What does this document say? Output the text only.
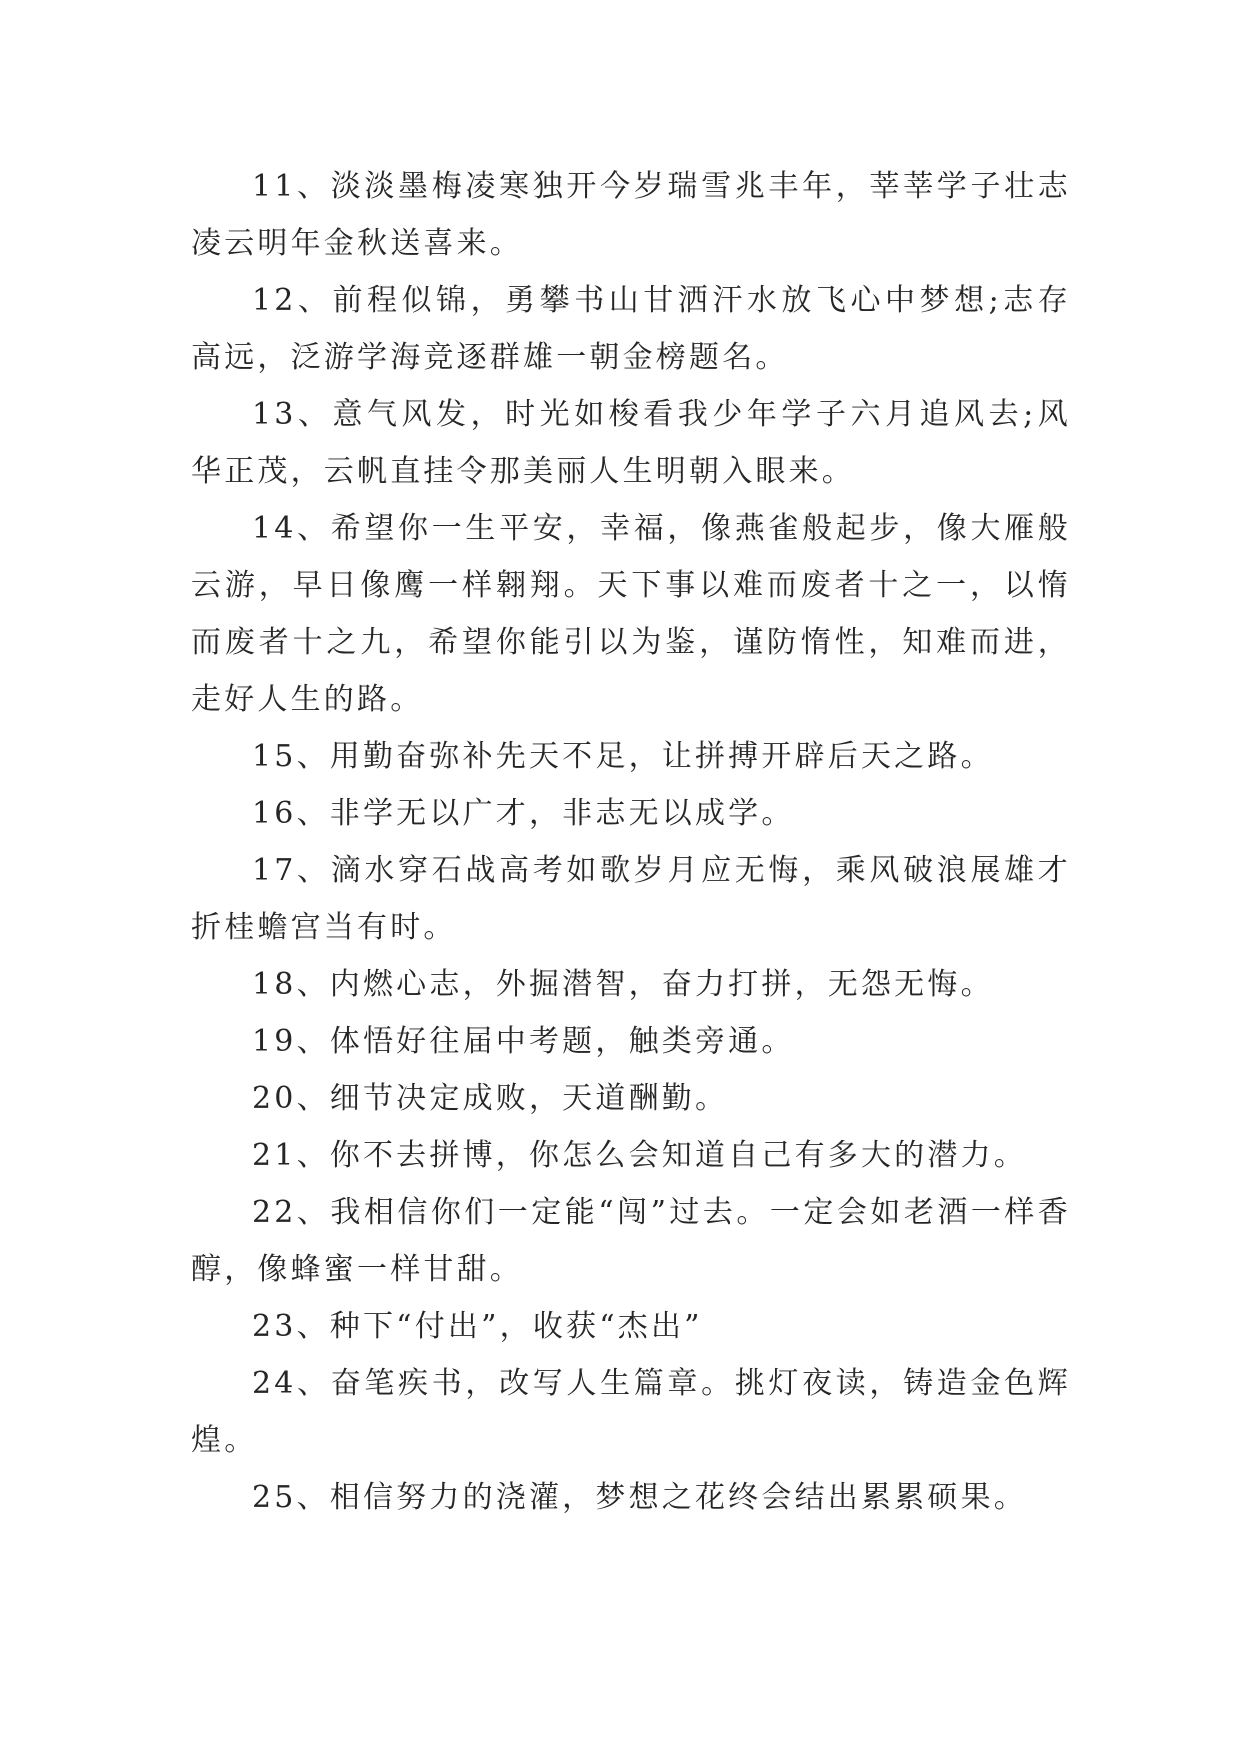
11、淡淡墨梅凌寒独开今岁瑞雪兆丰年，莘莘学子壮志凌云明年金秋送喜来。

12、前程似锦，勇攀书山甘洒汗水放飞心中梦想;志存高远，泛游学海竞逐群雄一朝金榜题名。

13、意气风发，时光如梭看我少年学子六月追风去;风华正茂，云帆直挂令那美丽人生明朝入眼来。

14、希望你一生平安，幸福，像燕雀般起步，像大雁般云游，早日像鹰一样翱翔。天下事以难而废者十之一，以惰而废者十之九，希望你能引以为鉴，谨防惰性，知难而进，走好人生的路。

15、用勤奋弥补先天不足，让拼搏开辟后天之路。

16、非学无以广才，非志无以成学。

17、滴水穿石战高考如歌岁月应无悔，乘风破浪展雄才折桂蟾宫当有时。

18、内燃心志，外掘潜智，奋力打拼，无怨无悔。

19、体悟好往届中考题，触类旁通。

20、细节决定成败，天道酬勤。

21、你不去拼博，你怎么会知道自己有多大的潜力。

22、我相信你们一定能“闯”过去。一定会如老酒一样香醇，像蜂蜜一样甘甜。

23、种下“付出”，收获“杰出”

24、奋笔疾书，改写人生篇章。挑灯夜读，铸造金色辉煌。

25、相信努力的浇灌，梦想之花终会结出累累硕果。
